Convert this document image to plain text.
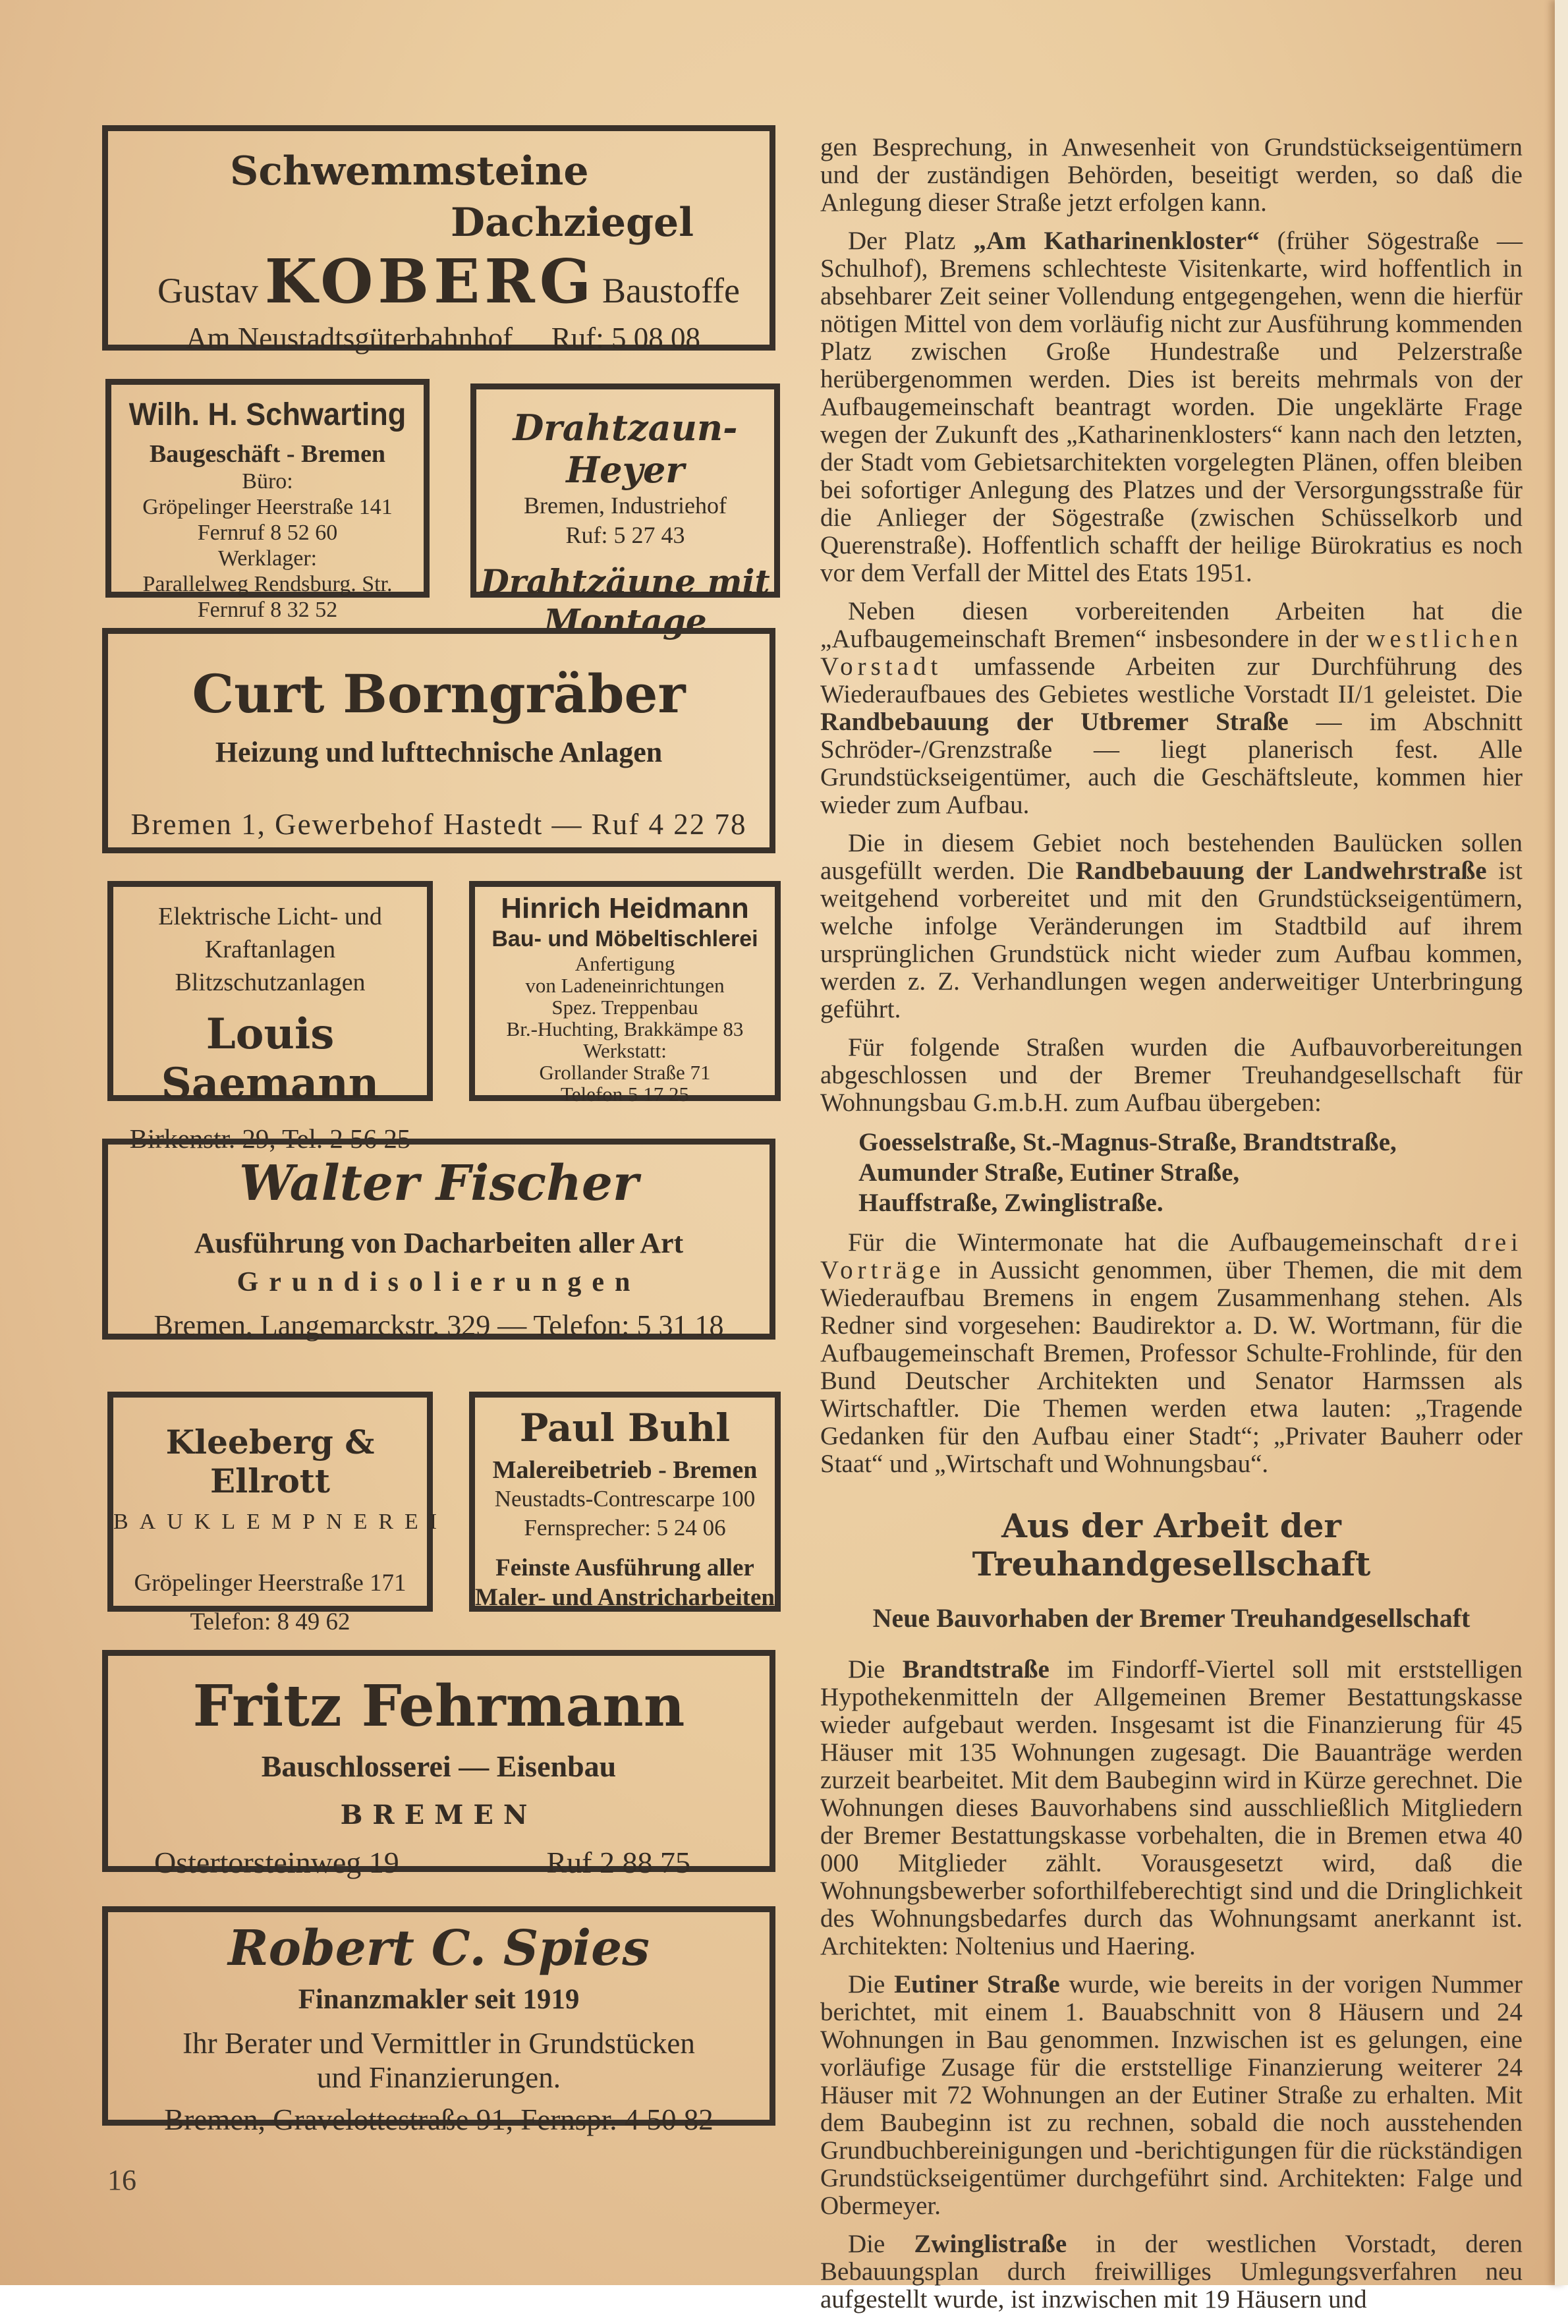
Schwemmsteine
Dachziegel
Gustav KOBERG Baustoffe
Am Neustadtsgüterbahnhof Ruf: 5 08 08
Wilh. H. Schwarting
Baugeschäft - Bremen
Büro:
Gröpelinger Heerstraße 141
Fernruf 8 52 60
Werklager:
Parallelweg Rendsburg. Str.
Fernruf 8 32 52
Drahtzaun-Heyer
Bremen, Industriehof
Ruf: 5 27 43
Drahtzäune mit
Montage
Curt Borngräber
Heizung und lufttechnische Anlagen
Bremen 1, Gewerbehof Hastedt — Ruf 4 22 78
Elektrische Licht- und
Kraftanlagen
Blitzschutzanlagen
Louis Saemann
Birkenstr. 29, Tel. 2 56 25
Hinrich Heidmann
Bau- und Möbeltischlerei
Anfertigung
von Ladeneinrichtungen
Spez. Treppenbau
Br.-Huchting, Brakkämpe 83
Werkstatt:
Grollander Straße 71
Telefon 5 17 25
Walter Fischer
Ausführung von Dacharbeiten aller Art
Grundisolierungen
Bremen, Langemarckstr. 329 — Telefon: 5 31 18
Kleeberg & Ellrott
BAUKLEMPNEREI
Gröpelinger Heerstraße 171
Telefon: 8 49 62
Paul Buhl
Malereibetrieb - Bremen
Neustadts-Contrescarpe 100
Fernsprecher: 5 24 06
Feinste Ausführung aller
Maler- und Anstricharbeiten
Fritz Fehrmann
Bauschlosserei — Eisenbau
BREMEN
Ostertorsteinweg 19	Ruf 2 88 75
Robert C. Spies
Finanzmakler seit 1919
Ihr Berater und Vermittler in Grundstücken
und Finanzierungen.
Bremen, Gravelottestraße 91, Fernspr. 4 50 82

gen Besprechung, in Anwesenheit von Grundstückseigentümern und der zuständigen Behörden, beseitigt werden, so daß die Anlegung dieser Straße jetzt erfolgen kann.

Der Platz „Am Katharinenkloster“ (früher Sögestraße — Schulhof), Bremens schlechteste Visitenkarte, wird hoffentlich in absehbarer Zeit seiner Vollendung entgegengehen, wenn die hierfür nötigen Mittel von dem vorläufig nicht zur Ausführung kommenden Platz zwischen Große Hundestraße und Pelzerstraße herübergenommen werden. Dies ist bereits mehrmals von der Aufbaugemeinschaft beantragt worden. Die ungeklärte Frage wegen der Zukunft des „Katharinenklosters“ kann nach den letzten, der Stadt vom Gebietsarchitekten vorgelegten Plänen, offen bleiben bei sofortiger Anlegung des Platzes und der Versorgungsstraße für die Anlieger der Sögestraße (zwischen Schüsselkorb und Querenstraße). Hoffentlich schafft der heilige Bürokratius es noch vor dem Verfall der Mittel des Etats 1951.

Neben diesen vorbereitenden Arbeiten hat die „Aufbaugemeinschaft Bremen“ insbesondere in der westlichen Vorstadt umfassende Arbeiten zur Durchführung des Wiederaufbaues des Gebietes westliche Vorstadt II/1 geleistet. Die Randbebauung der Utbremer Straße — im Abschnitt Schröder-/Grenzstraße — liegt planerisch fest. Alle Grundstückseigentümer, auch die Geschäftsleute, kommen hier wieder zum Aufbau.

Die in diesem Gebiet noch bestehenden Baulücken sollen ausgefüllt werden. Die Randbebauung der Landwehrstraße ist weitgehend vorbereitet und mit den Grundstückseigentümern, welche infolge Veränderungen im Stadtbild auf ihrem ursprünglichen Grundstück nicht wieder zum Aufbau kommen, werden z. Z. Verhandlungen wegen anderweitiger Unterbringung geführt.

Für folgende Straßen wurden die Aufbauvorbereitungen abgeschlossen und der Bremer Treuhandgesellschaft für Wohnungsbau G.m.b.H. zum Aufbau übergeben:

Goesselstraße, St.-Magnus-Straße, Brandtstraße,
Aumunder Straße, Eutiner Straße,
Hauffstraße, Zwinglistraße.

Für die Wintermonate hat die Aufbaugemeinschaft drei Vorträge in Aussicht genommen, über Themen, die mit dem Wiederaufbau Bremens in engem Zusammenhang stehen. Als Redner sind vorgesehen: Baudirektor a. D. W. Wortmann, für die Aufbaugemeinschaft Bremen, Professor Schulte-Frohlinde, für den Bund Deutscher Architekten und Senator Harmssen als Wirtschaftler. Die Themen werden etwa lauten: „Tragende Gedanken für den Aufbau einer Stadt“; „Privater Bauherr oder Staat“ und „Wirtschaft und Wohnungsbau“.

Aus der Arbeit der Treuhandgesellschaft
Neue Bauvorhaben der Bremer Treuhandgesellschaft

Die Brandtstraße im Findorff-Viertel soll mit erststelligen Hypothekenmitteln der Allgemeinen Bremer Bestattungskasse wieder aufgebaut werden. Insgesamt ist die Finanzierung für 45 Häuser mit 135 Wohnungen zugesagt. Die Bauanträge werden zurzeit bearbeitet. Mit dem Baubeginn wird in Kürze gerechnet. Die Wohnungen dieses Bauvorhabens sind ausschließlich Mitgliedern der Bremer Bestattungskasse vorbehalten, die in Bremen etwa 40 000 Mitglieder zählt. Vorausgesetzt wird, daß die Wohnungsbewerber soforthilfeberechtigt sind und die Dringlichkeit des Wohnungsbedarfes durch das Wohnungsamt anerkannt ist. Architekten: Noltenius und Haering.

Die Eutiner Straße wurde, wie bereits in der vorigen Nummer berichtet, mit einem 1. Bauabschnitt von 8 Häusern und 24 Wohnungen in Bau genommen. Inzwischen ist es gelungen, eine vorläufige Zusage für die erststellige Finanzierung weiterer 24 Häuser mit 72 Wohnungen an der Eutiner Straße zu erhalten. Mit dem Baubeginn ist zu rechnen, sobald die noch ausstehenden Grundbuchbereinigungen und -berichtigungen für die rückständigen Grundstückseigentümer durchgeführt sind. Architekten: Falge und Obermeyer.

Die Zwinglistraße in der westlichen Vorstadt, deren Bebauungsplan durch freiwilliges Umlegungsverfahren neu aufgestellt wurde, ist inzwischen mit 19 Häusern und

16
